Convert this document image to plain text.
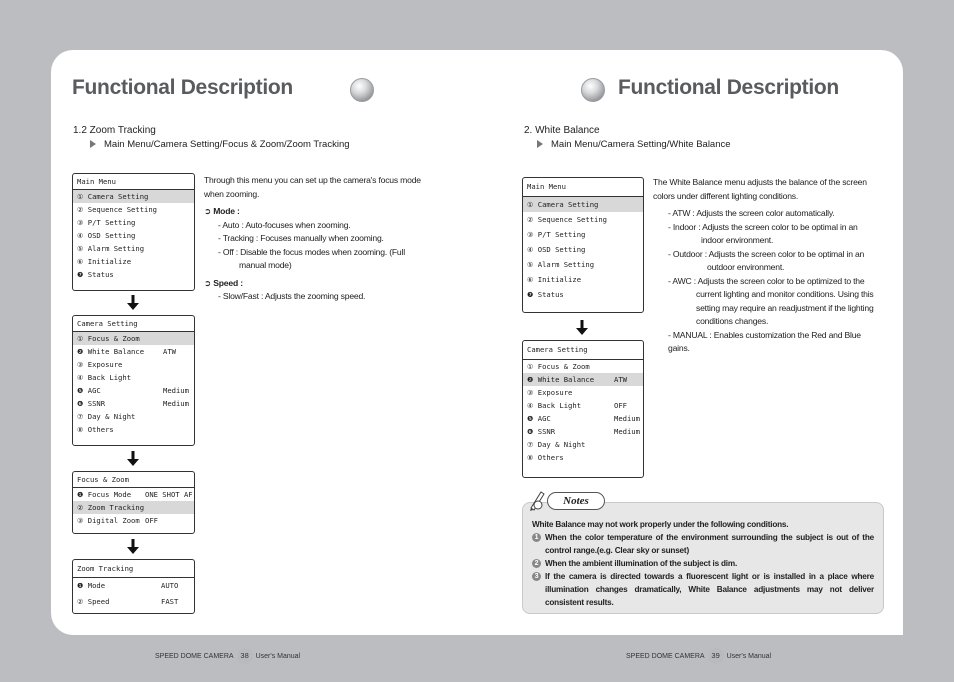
Functional Description
1.2 Zoom Tracking
Main Menu/Camera Setting/Focus & Zoom/Zoom Tracking
Main Menu
① Camera Setting
② Sequence Setting
③ P/T Setting
④ OSD Setting
⑤ Alarm Setting
⑥ Initialize
❼ Status
Camera Setting
① Focus & Zoom
❷ White Balance	ATW
③ Exposure
④ Back Light
❺ AGC	Medium
❻ SSNR	Medium
⑦ Day & Night
⑧ Others
Focus & Zoom
❶ Focus Mode ONE SHOT AF
② Zoom Tracking
③ Digital Zoom OFF
Zoom Tracking
❶ Mode	AUTO
② Speed	FAST
Through this menu you can set up the camera's focus mode when zooming.
➲ Mode :
- Auto : Auto-focuses when zooming.
- Tracking : Focuses manually when zooming.
- Off : Disable the focus modes when zooming. (Full
manual mode)
➲ Speed :
- Slow/Fast : Adjusts the zooming speed.
Functional Description
2. White Balance
Main Menu/Camera Setting/White Balance
Main Menu
① Camera Setting
② Sequence Setting
③ P/T Setting
④ OSD Setting
⑤ Alarm Setting
⑥ Initialize
❼ Status
Camera Setting
① Focus & Zoom
❷ White Balance	ATW
③ Exposure
④ Back Light	OFF
❺ AGC	Medium
❻ SSNR	Medium
⑦ Day & Night
⑧ Others
The White Balance menu adjusts the balance of the screen colors under different lighting conditions.
- ATW : Adjusts the screen color automatically.
- Indoor : Adjusts the screen color to be optimal in an
indoor environment.
- Outdoor : Adjusts the screen color to be optimal in an
outdoor environment.
- AWC : Adjusts the screen color to be optimized to the
current lighting and monitor conditions. Using this
setting may require an readjustment if the lighting
conditions changes.
- MANUAL : Enables customization the Red and Blue gains.
Notes
White Balance may not work properly under the following conditions.
1 When the color temperature of the environment surrounding the subject is out of the control range.(e.g. Clear sky or sunset)
2 When the ambient illumination of the subject is dim.
3 If the camera is directed towards a fluorescent light or is installed in a place where illumination changes dramatically, White Balance adjustments may not deliver consistent results.
SPEED DOME CAMERA 38 User's Manual	SPEED DOME CAMERA 39 User's Manual
